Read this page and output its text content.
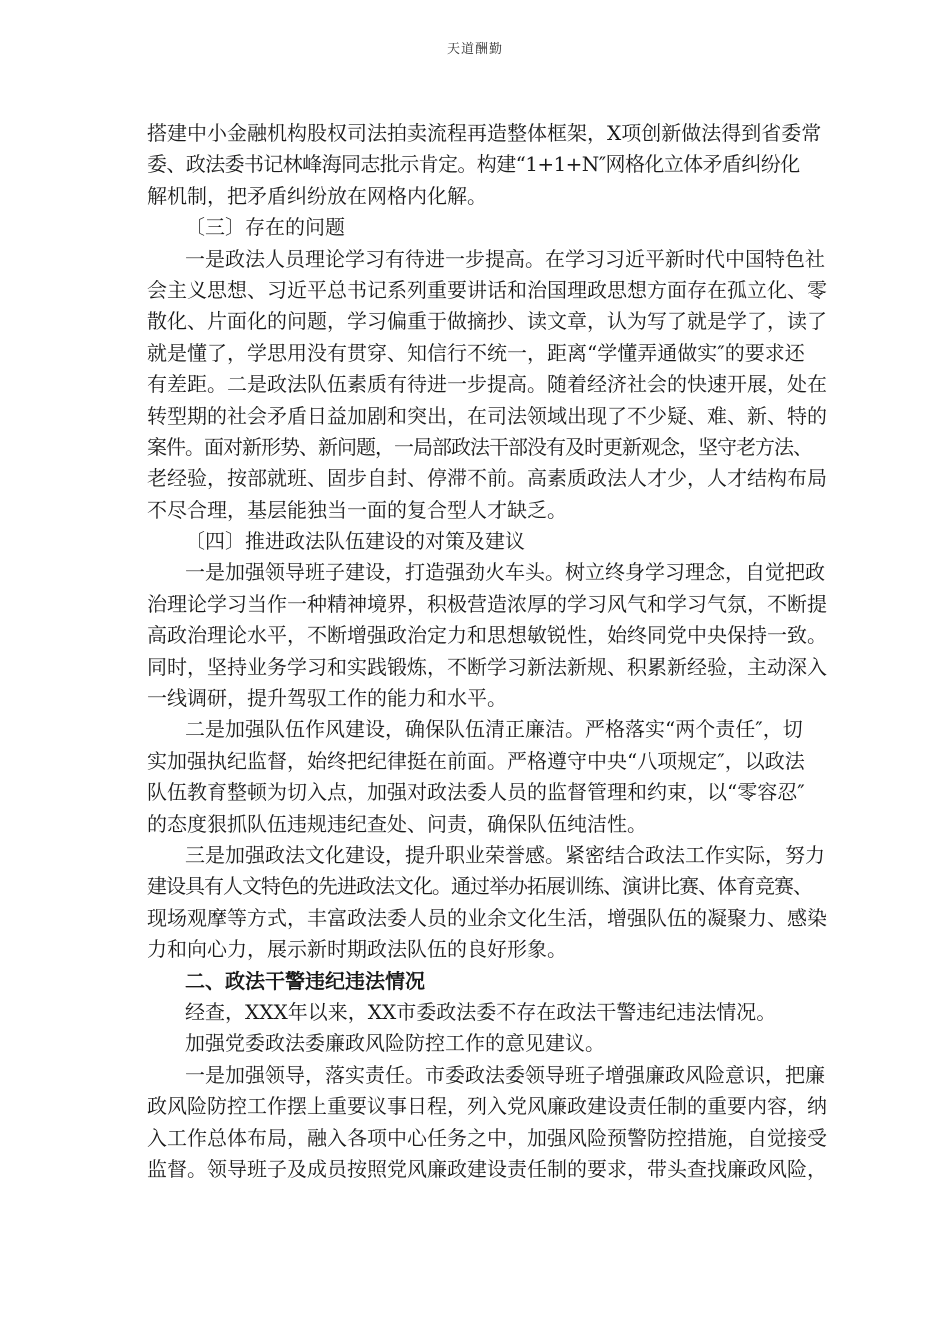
天道酬勤
搭建中小金融机构股权司法拍卖流程再造整体框架，X项创新做法得到省委常
委、政法委书记林峰海同志批示肯定。构建“1+1+N″网格化立体矛盾纠纷化
解机制，把矛盾纠纷放在网格内化解。
〔三〕存在的问题
一是政法人员理论学习有待进一步提高。在学习习近平新时代中国特色社
会主义思想、习近平总书记系列重要讲话和治国理政思想方面存在孤立化、零
散化、片面化的问题，学习偏重于做摘抄、读文章，认为写了就是学了，读了
就是懂了，学思用没有贯穿、知信行不统一，距离“学懂弄通做实″的要求还
有差距。二是政法队伍素质有待进一步提高。随着经济社会的快速开展，处在
转型期的社会矛盾日益加剧和突出，在司法领域出现了不少疑、难、新、特的
案件。面对新形势、新问题，一局部政法干部没有及时更新观念，坚守老方法、
老经验，按部就班、固步自封、停滞不前。高素质政法人才少，人才结构布局
不尽合理，基层能独当一面的复合型人才缺乏。
〔四〕推进政法队伍建设的对策及建议
一是加强领导班子建设，打造强劲火车头。树立终身学习理念，自觉把政
治理论学习当作一种精神境界，积极营造浓厚的学习风气和学习气氛，不断提
高政治理论水平，不断增强政治定力和思想敏锐性，始终同党中央保持一致。
同时，坚持业务学习和实践锻炼，不断学习新法新规、积累新经验，主动深入
一线调研，提升驾驭工作的能力和水平。
二是加强队伍作风建设，确保队伍清正廉洁。严格落实“两个责任″，切
实加强执纪监督，始终把纪律挺在前面。严格遵守中央“八项规定″，以政法
队伍教育整顿为切入点，加强对政法委人员的监督管理和约束，以“零容忍″
的态度狠抓队伍违规违纪查处、问责，确保队伍纯洁性。
三是加强政法文化建设，提升职业荣誉感。紧密结合政法工作实际，努力
建设具有人文特色的先进政法文化。通过举办拓展训练、演讲比赛、体育竞赛、
现场观摩等方式，丰富政法委人员的业余文化生活，增强队伍的凝聚力、感染
力和向心力，展示新时期政法队伍的良好形象。
二、政法干警违纪违法情况
经查，XXX年以来，XX市委政法委不存在政法干警违纪违法情况。
加强党委政法委廉政风险防控工作的意见建议。
一是加强领导，落实责任。市委政法委领导班子增强廉政风险意识，把廉
政风险防控工作摆上重要议事日程，列入党风廉政建设责任制的重要内容，纳
入工作总体布局，融入各项中心任务之中，加强风险预警防控措施，自觉接受
监督。领导班子及成员按照党风廉政建设责任制的要求，带头查找廉政风险，
